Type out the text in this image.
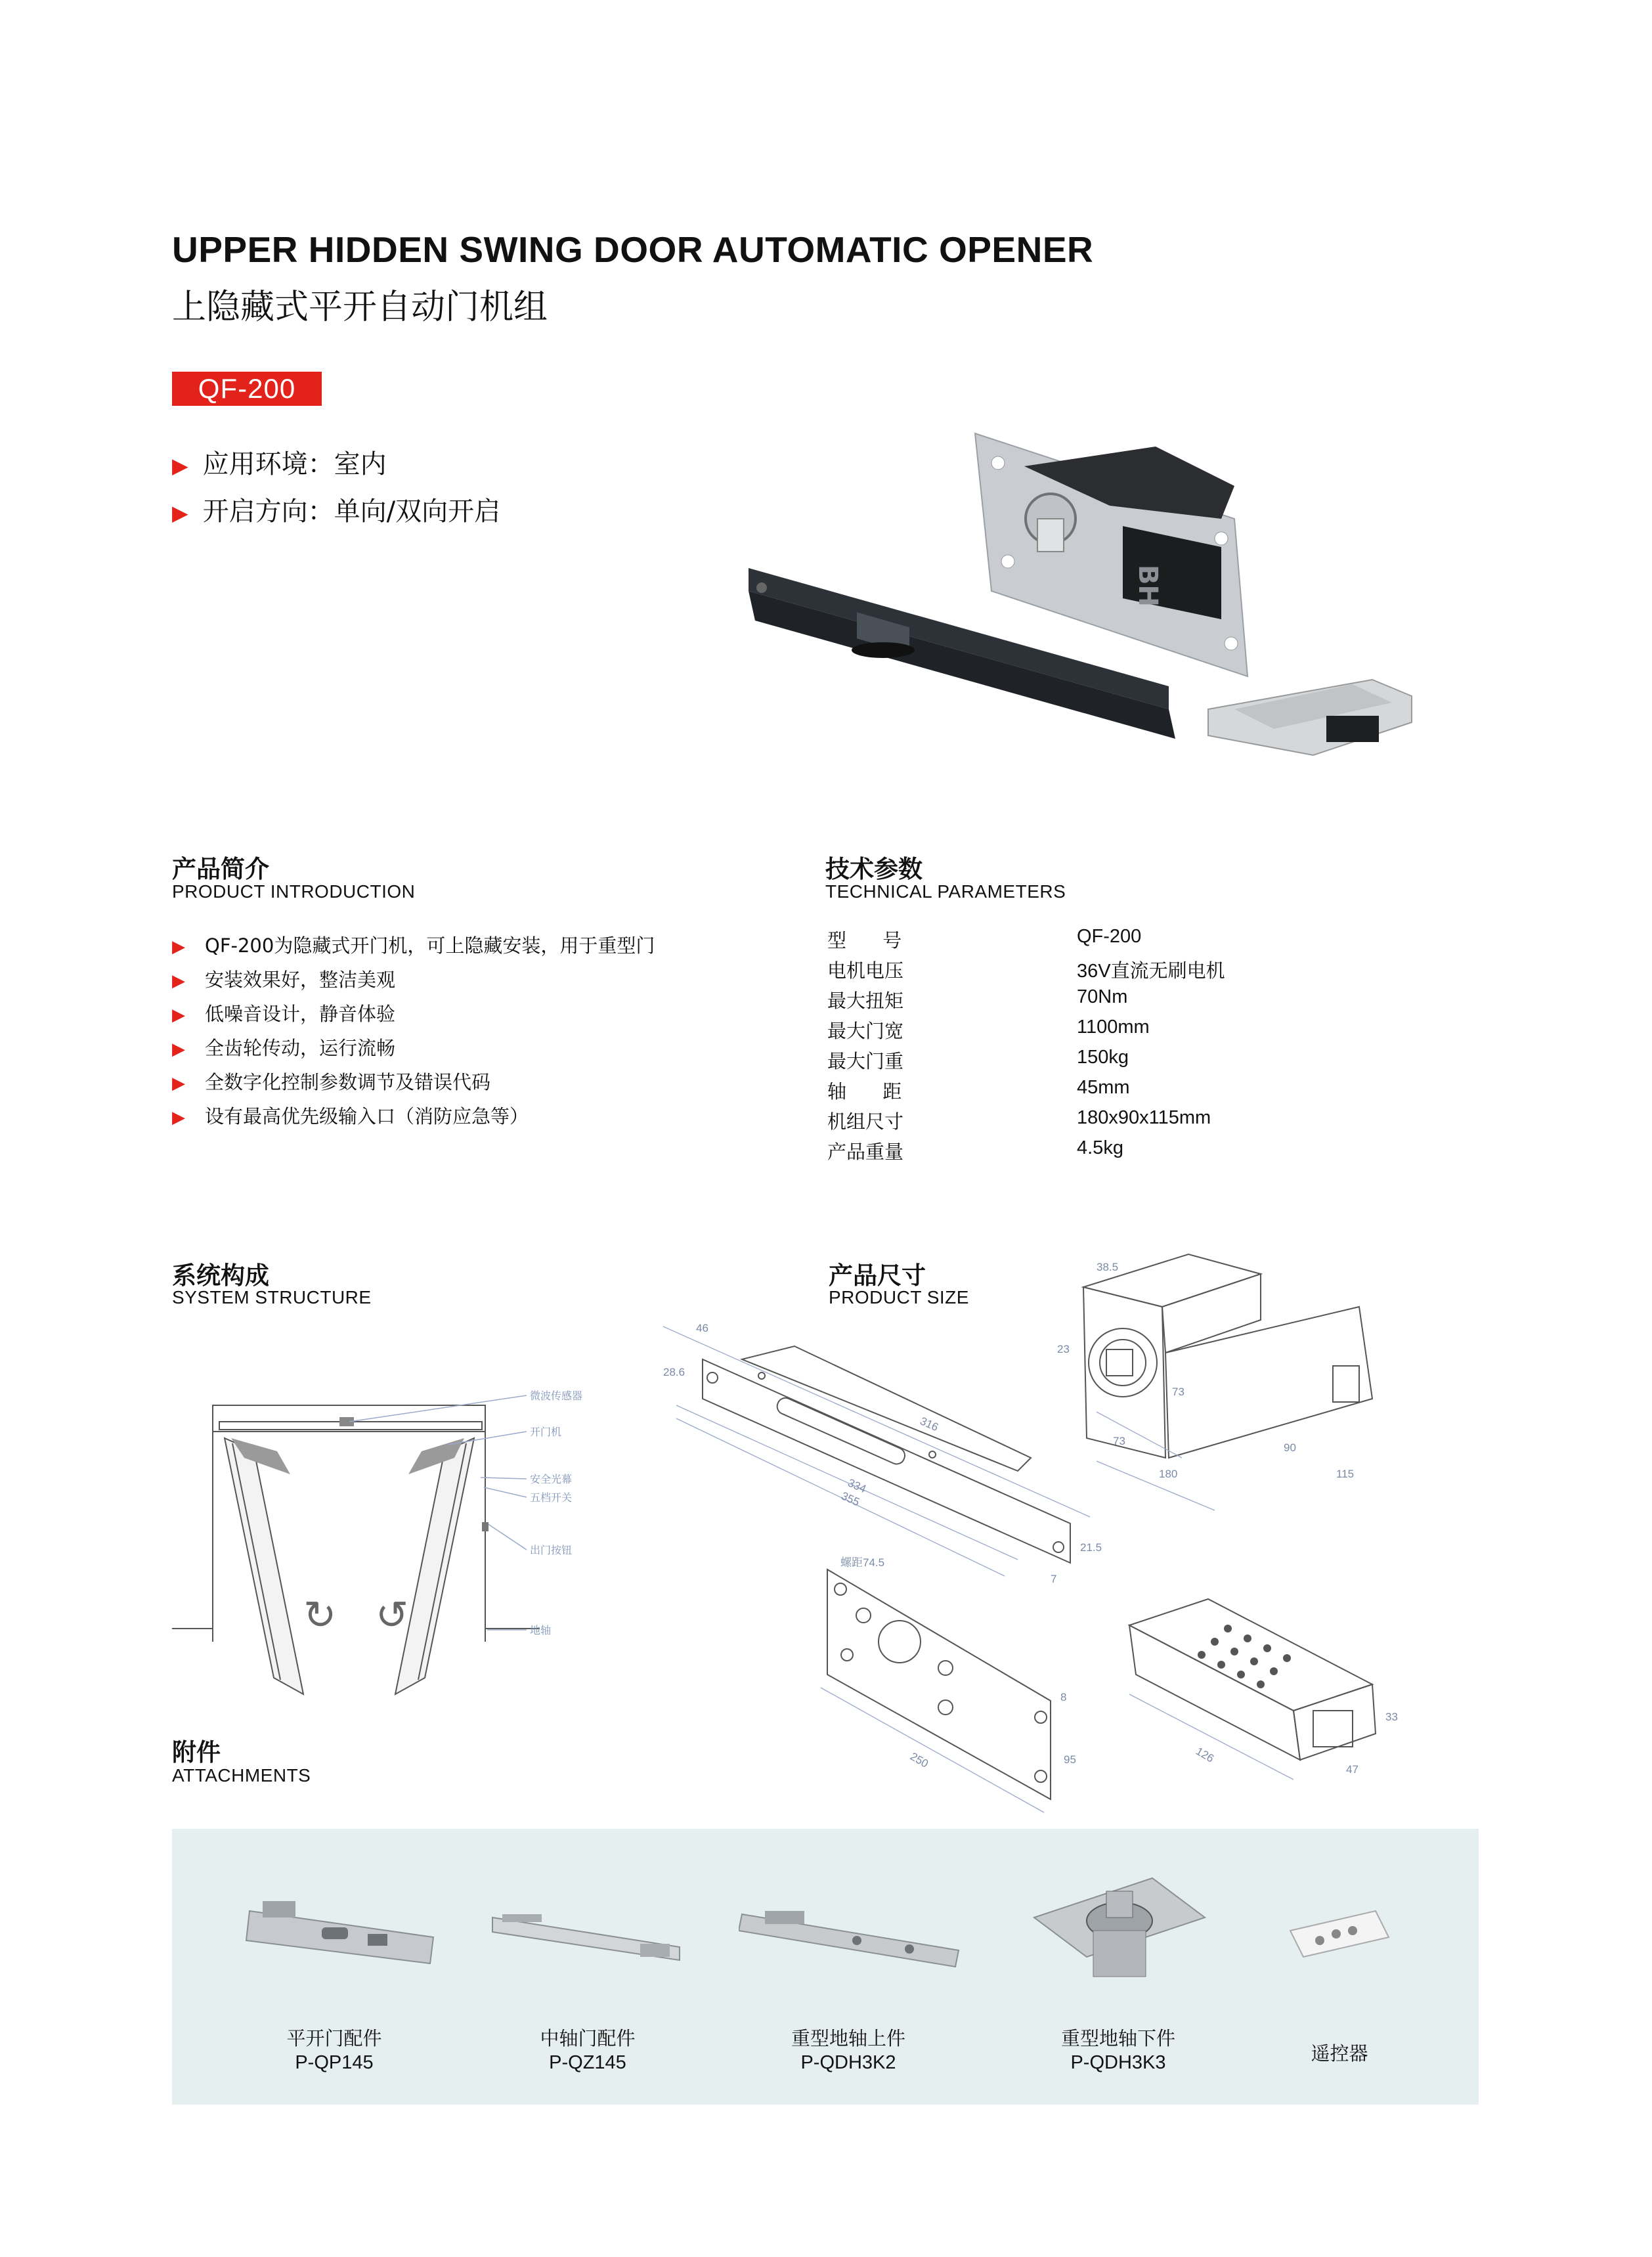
UPPER HIDDEN SWING DOOR AUTOMATIC OPENER
上隐藏式平开自动门机组
QF-200
▶ 应用环境：室内
▶ 开启方向：单向/双向开启
BH
产品简介
PRODUCT INTRODUCTION
▶ QF-200为隐藏式开门机，可上隐藏安装，用于重型门
▶ 安装效果好，整洁美观
▶ 低噪音设计，静音体验
▶ 全齿轮传动，运行流畅
▶ 全数字化控制参数调节及错误代码
▶ 设有最高优先级输入口（消防应急等）
技术参数
TECHNICAL PARAMETERS
型      号	QF-200
电机电压	36V直流无刷电机
最大扭矩	70Nm
最大门宽	1100mm
最大门重	150kg
轴      距	45mm
机组尺寸	180x90x115mm
产品重量	4.5kg
系统构成
SYSTEM STRUCTURE
↻ ↺
微波传感器
开门机
安全光幕
五档开关
出门按钮
地轴
产品尺寸
PRODUCT SIZE
46
28.6
316
334
355
21.5
7
38.5
23
73
73
180
90
115
螺距74.5
250	95
8
126
47
33
附件
ATTACHMENTS
平开门配件
P-QP145
中轴门配件
P-QZ145
重型地轴上件
P-QDH3K2
重型地轴下件
P-QDH3K3	遥控器
